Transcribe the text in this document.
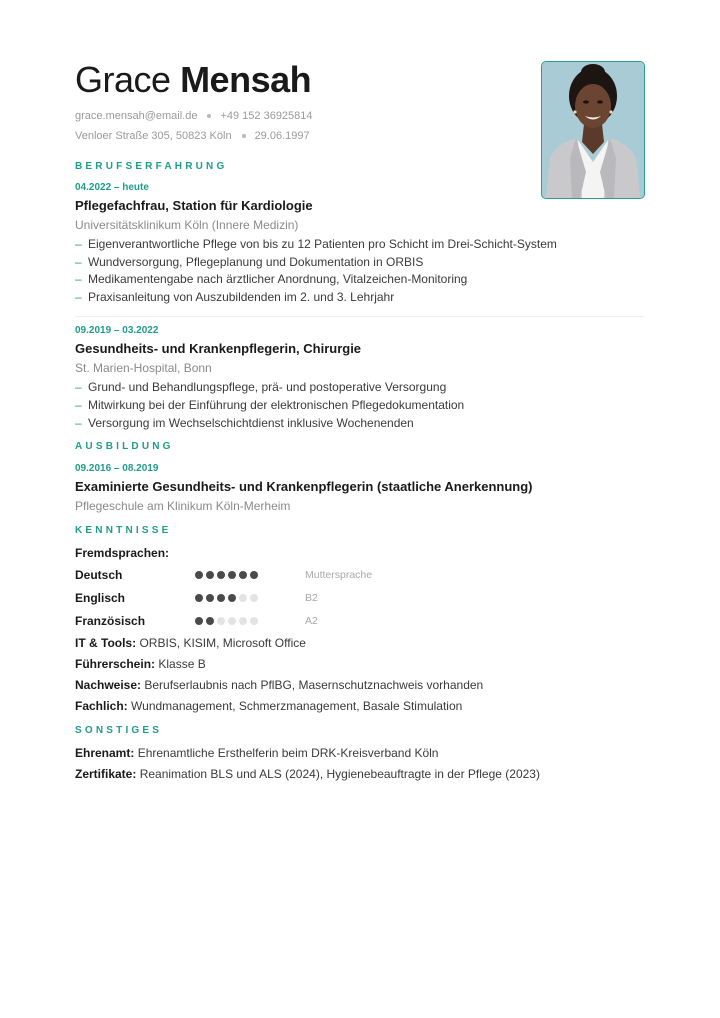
Grace Mensah
grace.mensah@email.de +49 152 36925814
Venloer Straße 305, 50823 Köln 29.06.1997
BERUFSERFAHRUNG
04.2022 – heute
Pflegefachfrau, Station für Kardiologie
Universitätsklinikum Köln (Innere Medizin)
– Eigenverantwortliche Pflege von bis zu 12 Patienten pro Schicht im Drei-Schicht-System
– Wundversorgung, Pflegeplanung und Dokumentation in ORBIS
– Medikamentengabe nach ärztlicher Anordnung, Vitalzeichen-Monitoring
– Praxisanleitung von Auszubildenden im 2. und 3. Lehrjahr
09.2019 – 03.2022
Gesundheits- und Krankenpflegerin, Chirurgie
St. Marien-Hospital, Bonn
– Grund- und Behandlungspflege, prä- und postoperative Versorgung
– Mitwirkung bei der Einführung der elektronischen Pflegedokumentation
– Versorgung im Wechselschichtdienst inklusive Wochenenden
AUSBILDUNG
09.2016 – 08.2019
Examinierte Gesundheits- und Krankenpflegerin (staatliche Anerkennung)
Pflegeschule am Klinikum Köln-Merheim
KENNTNISSE
Fremdsprachen:
Deutsch	Muttersprache
Englisch	B2
Französisch	A2
IT & Tools: ORBIS, KISIM, Microsoft Office
Führerschein: Klasse B
Nachweise: Berufserlaubnis nach PflBG, Masernschutznachweis vorhanden
Fachlich: Wundmanagement, Schmerzmanagement, Basale Stimulation
SONSTIGES
Ehrenamt: Ehrenamtliche Ersthelferin beim DRK-Kreisverband Köln
Zertifikate: Reanimation BLS und ALS (2024), Hygienebeauftragte in der Pflege (2023)
